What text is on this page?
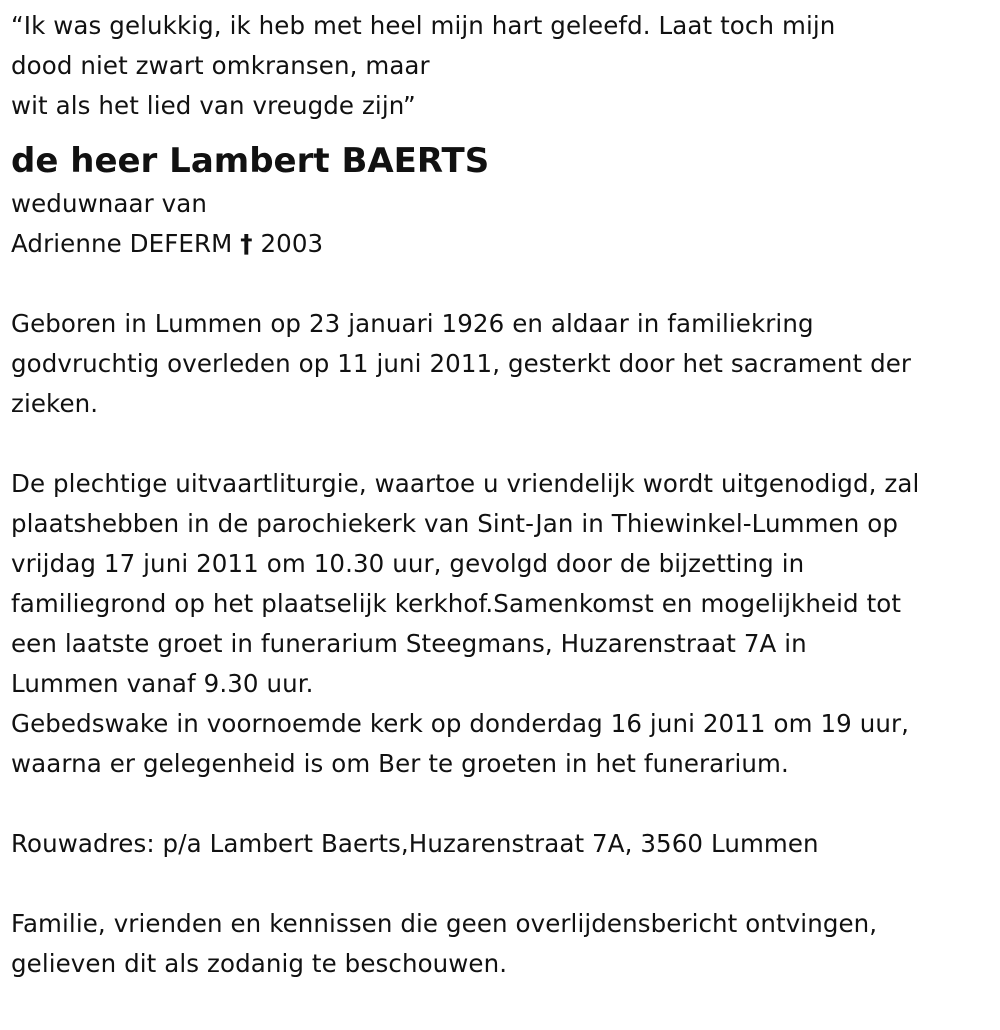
“Ik was gelukkig, ik heb met heel mijn hart geleefd. Laat toch mijn
dood niet zwart omkransen, maar
wit als het lied van vreugde zijn”
de heer Lambert BAERTS
weduwnaar van
Adrienne DEFERM † 2003
Geboren in Lummen op 23 januari 1926 en aldaar in familiekring
godvruchtig overleden op 11 juni 2011, gesterkt door het sacrament der
zieken.
De plechtige uitvaartliturgie, waartoe u vriendelijk wordt uitgenodigd, zal
plaatshebben in de parochiekerk van Sint-Jan in Thiewinkel-Lummen op
vrijdag 17 juni 2011 om 10.30 uur, gevolgd door de bijzetting in
familiegrond op het plaatselijk kerkhof.Samenkomst en mogelijkheid tot
een laatste groet in funerarium Steegmans, Huzarenstraat 7A in
Lummen vanaf 9.30 uur.
Gebedswake in voornoemde kerk op donderdag 16 juni 2011 om 19 uur,
waarna er gelegenheid is om Ber te groeten in het funerarium.
Rouwadres: p/a Lambert Baerts,Huzarenstraat 7A, 3560 Lummen
Familie, vrienden en kennissen die geen overlijdensbericht ontvingen,
gelieven dit als zodanig te beschouwen.
